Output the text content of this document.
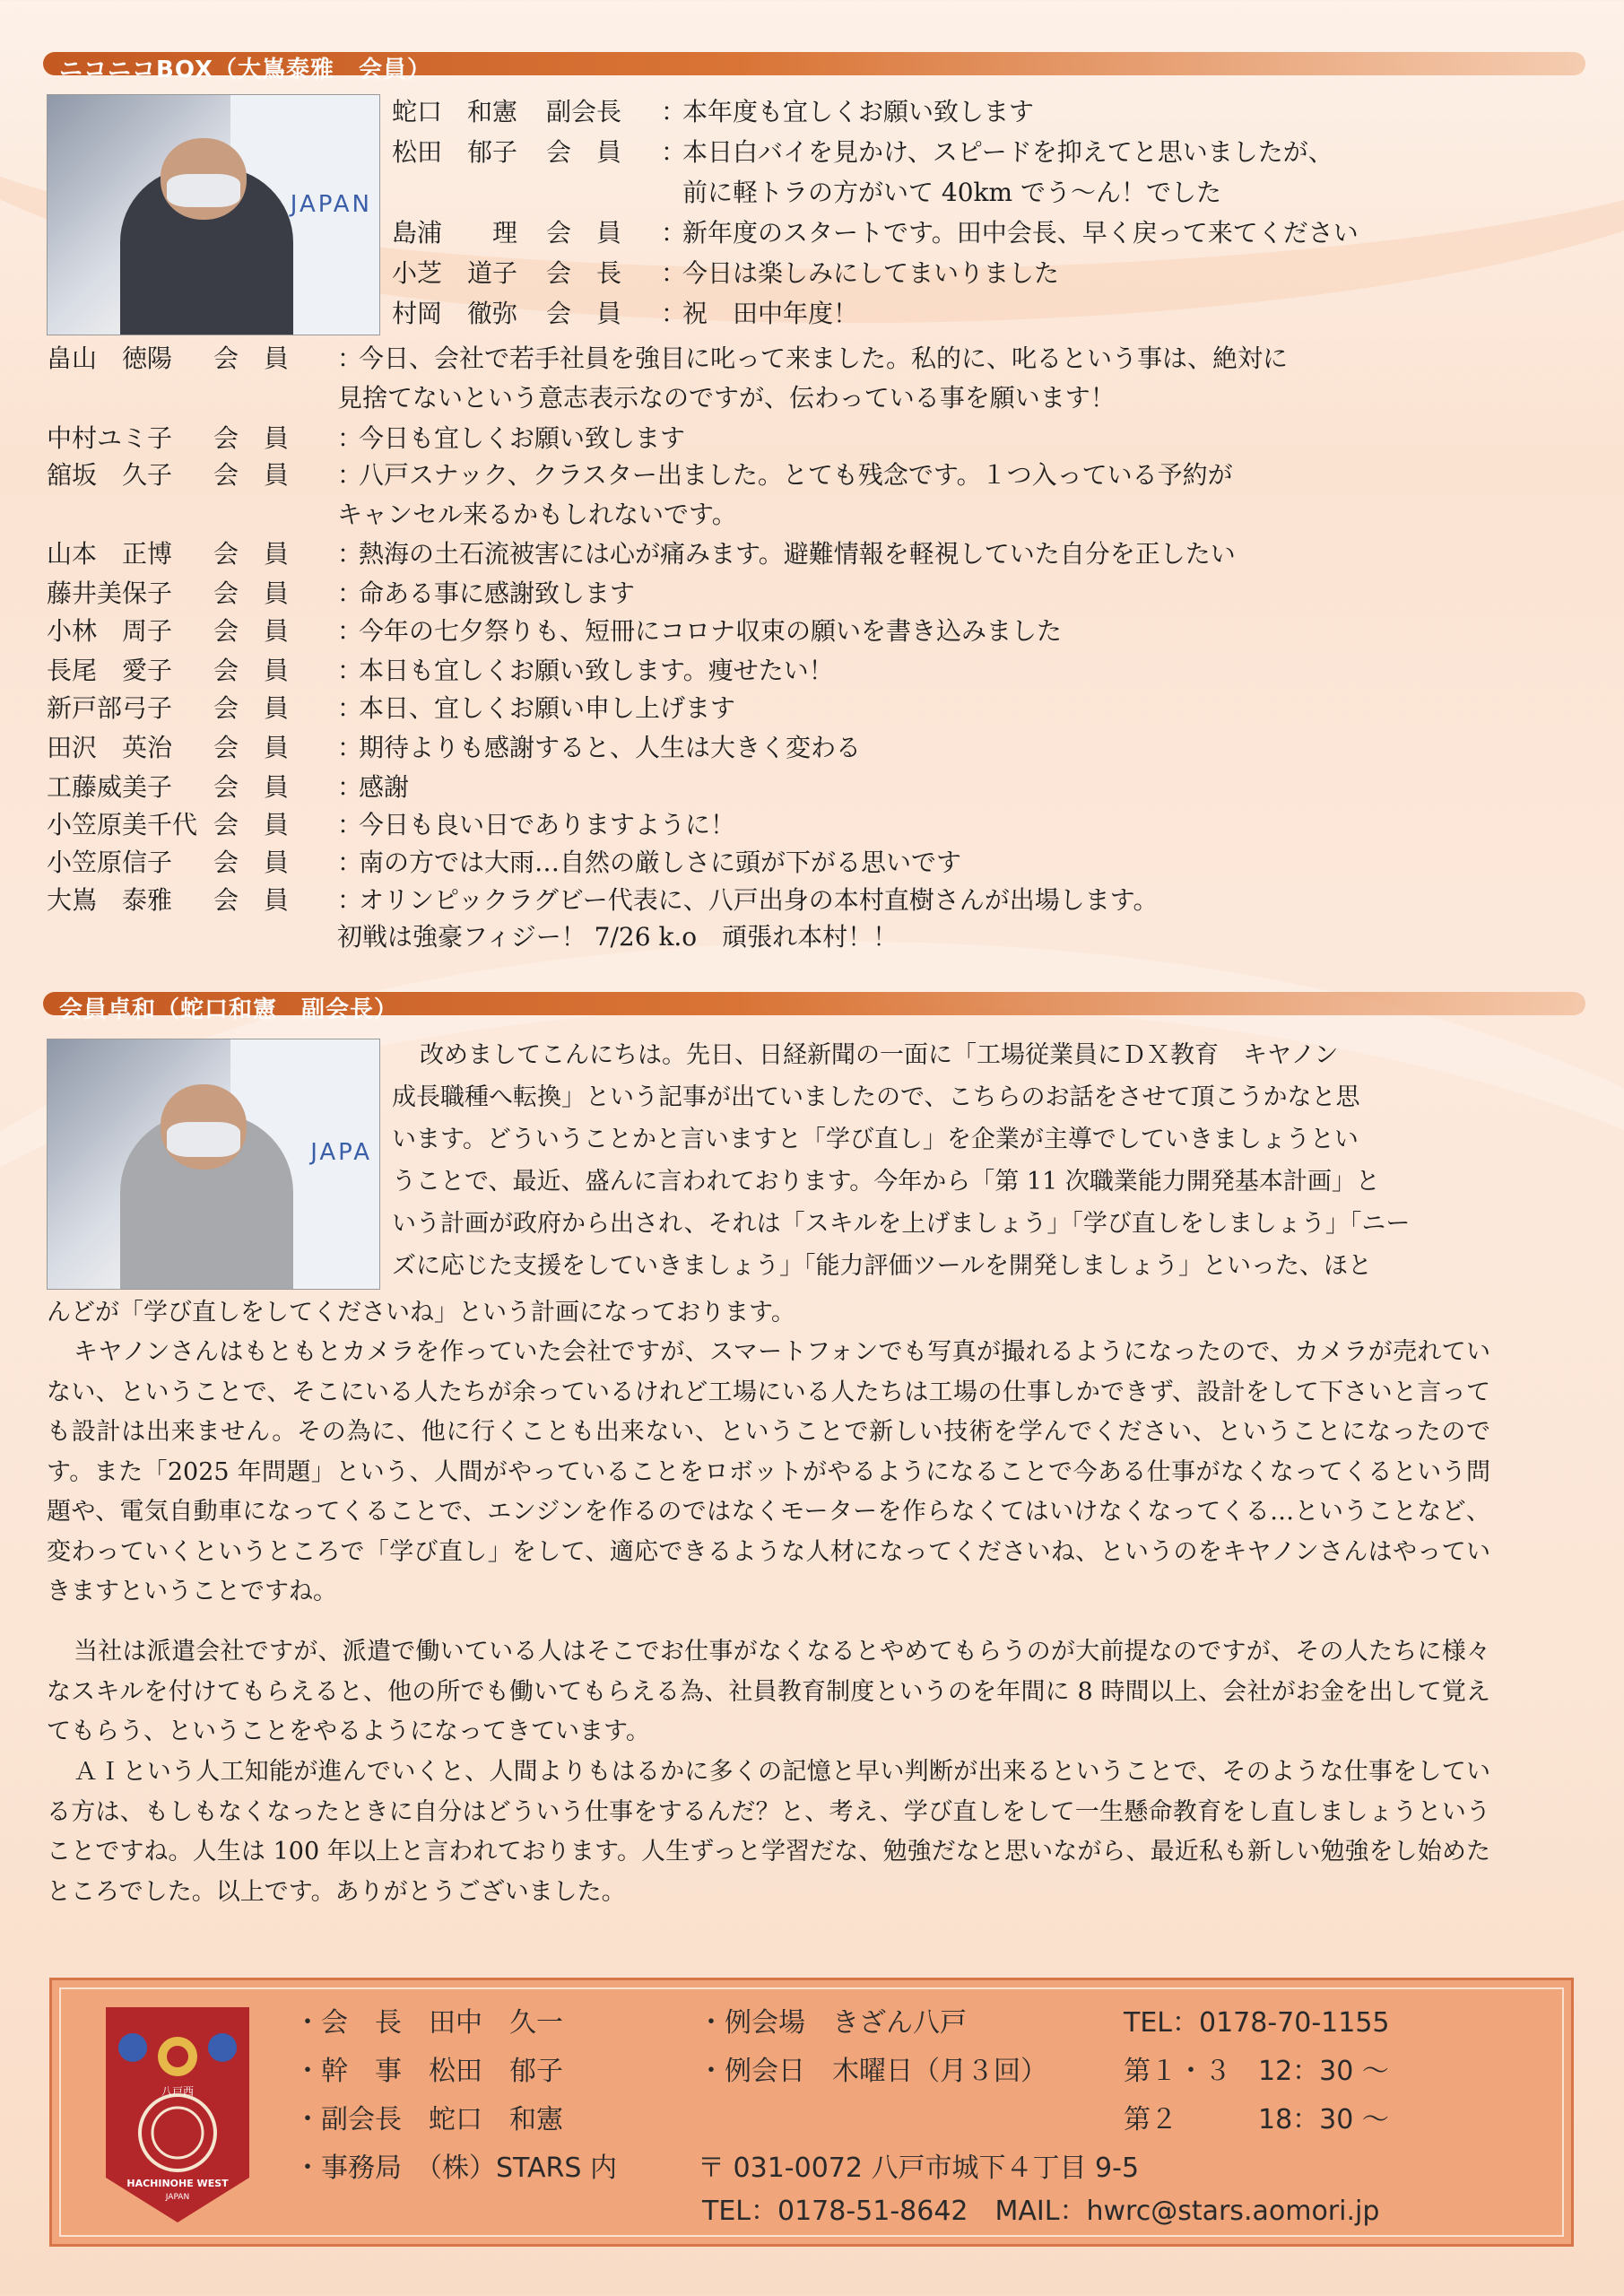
ニコニコBOX（大嶌泰雅　会員）
JAPAN
蛇口　和憲 副会長 ：本年度も宜しくお願い致します
松田　郁子 会　員 ：本日白バイを見かけ、スピードを抑えてと思いましたが、
島浦　　理 会　員 ：新年度のスタートです。田中会長、早く戻って来てください
小芝　道子 会　長 ：今日は楽しみにしてまいりました
村岡　徹弥 会　員 ：祝　田中年度！
前に軽トラの方がいて 40km でう～ん！でした
畠山　徳陽 会　員 ：今日、会社で若手社員を強目に叱って来ました。私的に、叱るという事は、絶対に
中村ユミ子 会　員 ：今日も宜しくお願い致します
舘坂　久子 会　員 ：八戸スナック、クラスター出ました。とても残念です。１つ入っている予約が
山本　正博 会　員 ：熱海の土石流被害には心が痛みます。避難情報を軽視していた自分を正したい
藤井美保子 会　員 ：命ある事に感謝致します
小林　周子 会　員 ：今年の七夕祭りも、短冊にコロナ収束の願いを書き込みました
長尾　愛子 会　員 ：本日も宜しくお願い致します。痩せたい！
新戸部弓子 会　員 ：本日、宜しくお願い申し上げます
田沢　英治 会　員 ：期待よりも感謝すると、人生は大きく変わる
工藤威美子 会　員 ：感謝
小笠原美千代 会　員 ：今日も良い日でありますように！
小笠原信子 会　員 ：南の方では大雨…自然の厳しさに頭が下がる思いです
大嶌　泰雅 会　員 ：オリンピックラグビー代表に、八戸出身の本村直樹さんが出場します。
見捨てないという意志表示なのですが、伝わっている事を願います！
キャンセル来るかもしれないです。
初戦は強豪フィジー！ 7/26 k.o　頑張れ本村！！
会員卓和（蛇口和憲　副会長）
JAPA
改めましてこんにちは。先日、日経新聞の一面に「工場従業員にＤＸ教育　キヤノン
成長職種へ転換」という記事が出ていましたので、こちらのお話をさせて頂こうかなと思
います。どういうことかと言いますと「学び直し」を企業が主導でしていきましょうとい
うことで、最近、盛んに言われております。今年から「第 11 次職業能力開発基本計画」と
いう計画が政府から出され、それは「スキルを上げましょう」「学び直しをしましょう」「ニー
ズに応じた支援をしていきましょう」「能力評価ツールを開発しましょう」といった、ほと
んどが「学び直しをしてくださいね」という計画になっております。
キヤノンさんはもともとカメラを作っていた会社ですが、スマートフォンでも写真が撮れるようになったので、カメラが売れていない、ということで、そこにいる人たちが余っているけれど工場にいる人たちは工場の仕事しかできず、設計をして下さいと言っても設計は出来ません。その為に、他に行くことも出来ない、ということで新しい技術を学んでください、ということになったのです。また「2025 年問題」という、人間がやっていることをロボットがやるようになることで今ある仕事がなくなってくるという問題や、電気自動車になってくることで、エンジンを作るのではなくモーターを作らなくてはいけなくなってくる…ということなど、変わっていくというところで「学び直し」をして、適応できるような人材になってくださいね、というのをキヤノンさんはやっていきますということですね。
当社は派遣会社ですが、派遣で働いている人はそこでお仕事がなくなるとやめてもらうのが大前提なのですが、その人たちに様々なスキルを付けてもらえると、他の所でも働いてもらえる為、社員教育制度というのを年間に 8 時間以上、会社がお金を出して覚えてもらう、ということをやるようになってきています。
ＡＩという人工知能が進んでいくと、人間よりもはるかに多くの記憶と早い判断が出来るということで、そのような仕事をしている方は、もしもなくなったときに自分はどういう仕事をするんだ？と、考え、学び直しをして一生懸命教育をし直しましょうということですね。人生は 100 年以上と言われております。人生ずっと学習だな、勉強だなと思いながら、最近私も新しい勉強をし始めたところでした。以上です。ありがとうございました。
八戸西
HACHINOHE WEST
JAPAN
・会　長　田中　久一
・幹　事　松田　郁子
・副会長　蛇口　和憲
・事務局　（株）STARS 内
・例会場　きざん八戸
・例会日　木曜日（月３回）
TEL：0178-70-1155
第１・３　12：30 ～
第２　　　18：30 ～
〒 031-0072 八戸市城下４丁目 9-5
TEL：0178-51-8642　MAIL：hwrc@stars.aomori.jp
